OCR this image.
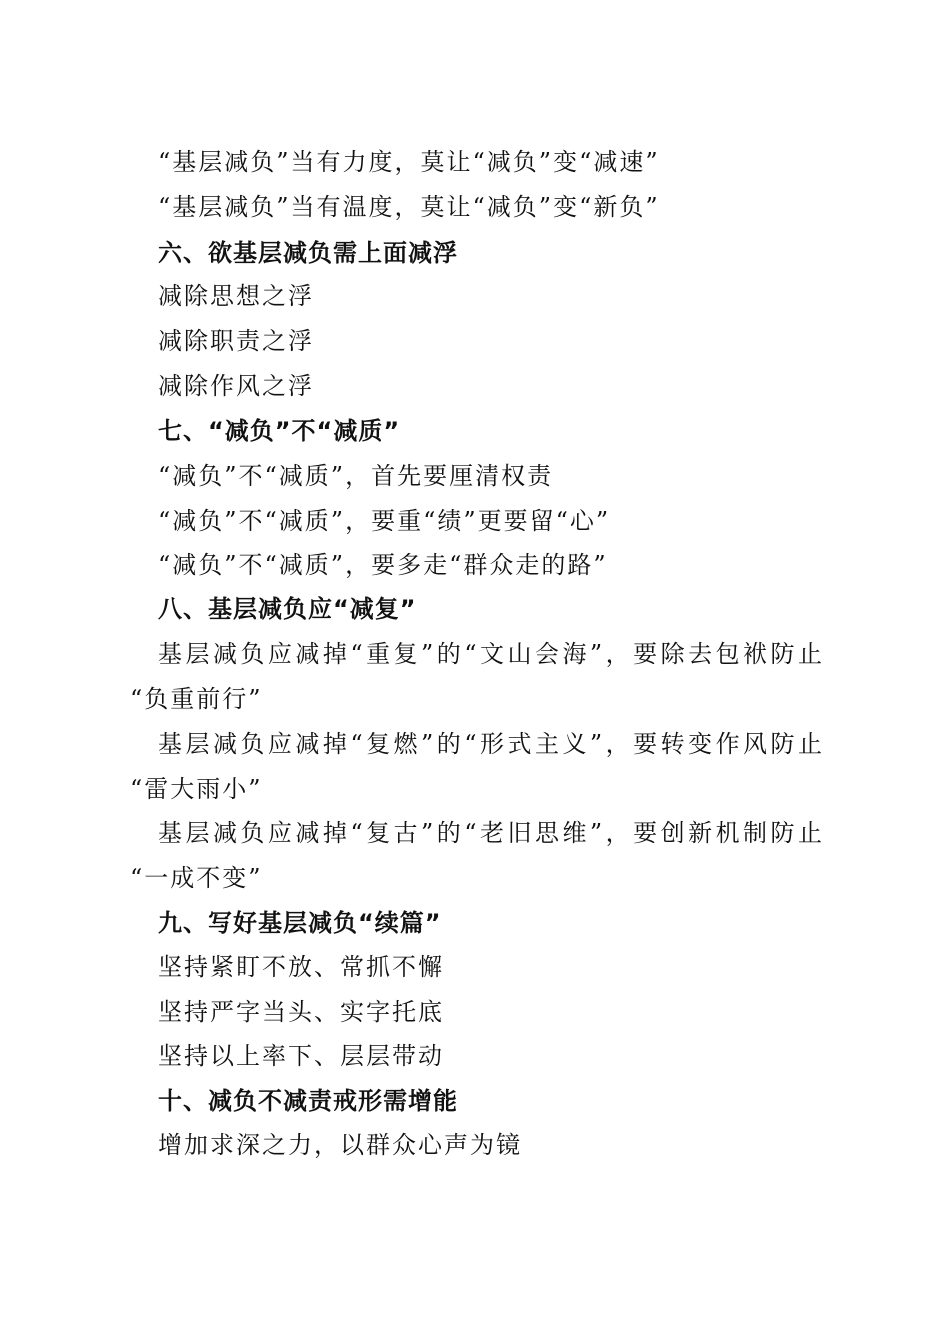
“基层减负”当有力度，莫让“减负”变“减速”
“基层减负”当有温度，莫让“减负”变“新负”
六、欲基层减负需上面减浮
减除思想之浮
减除职责之浮
减除作风之浮
七、“减负”不“减质”
“减负”不“减质”，首先要厘清权责
“减负”不“减质”，要重“绩”更要留“心”
“减负”不“减质”，要多走“群众走的路”
八、基层减负应“减复”
基层减负应减掉“重复”的“文山会海”，要除去包袱防止
“负重前行”
基层减负应减掉“复燃”的“形式主义”，要转变作风防止
“雷大雨小”
基层减负应减掉“复古”的“老旧思维”，要创新机制防止
“一成不变”
九、写好基层减负“续篇”
坚持紧盯不放、常抓不懈
坚持严字当头、实字托底
坚持以上率下、层层带动
十、减负不减责戒形需增能
增加求深之力，以群众心声为镜
